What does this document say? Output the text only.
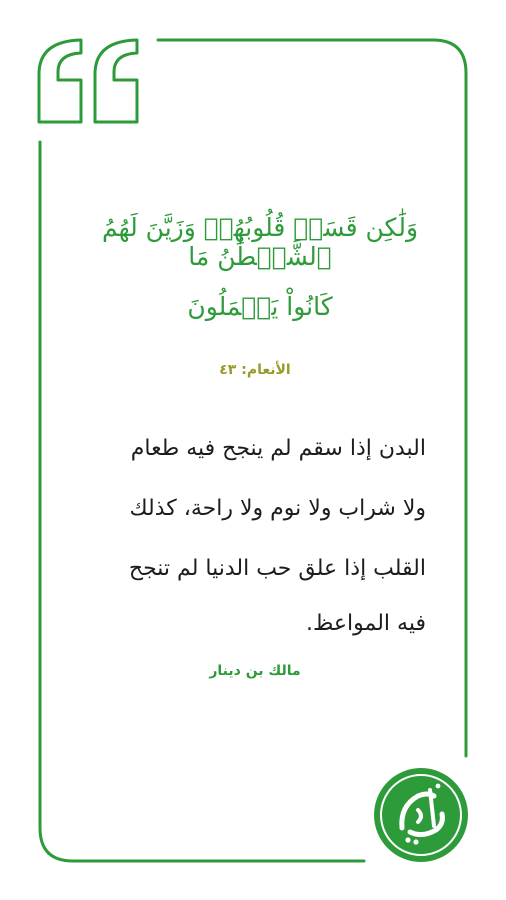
وَلَٰكِن قَسَتۡ قُلُوبُهُمۡ وَزَيَّنَ لَهُمُ ٱلشَّيۡطَٰنُ مَا
كَانُواْ يَعۡمَلُونَ
الأنعام: ٤٣
البدن إذا سقم لم ينجح فيه طعام
ولا شراب ولا نوم ولا راحة، كذلك
القلب إذا علق حب الدنيا لم تنجح
فيه المواعظ.
مالك بن دينار
